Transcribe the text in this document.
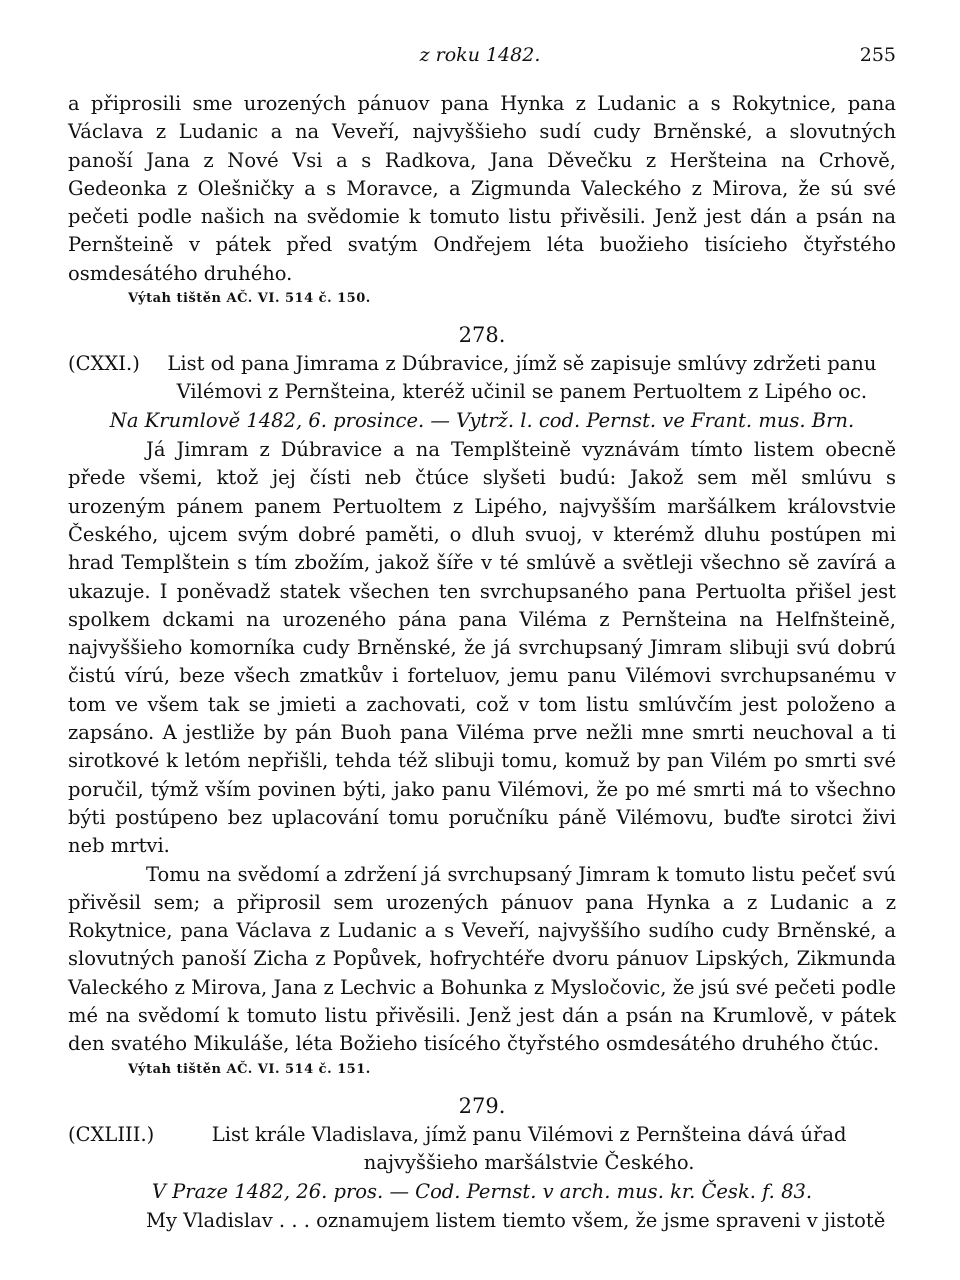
z roku 1482.	255

a připrosili sme urozených pánuov pana Hynka z Ludanic a s Rokytnice, pana Václava z Ludanic a na Veveří, najvyššieho sudí cudy Brněnské, a slovutných panoší Jana z Nové Vsi a s Radkova, Jana Děvečku z Heršteina na Crhově, Gedeonka z Olešničky a s Moravce, a Zigmunda Valeckého z Mirova, že sú své pečeti podle našich na svědomie k tomuto listu přivěsili. Jenž jest dán a psán na Pernšteině v pátek před svatým Ondřejem léta buožieho tisícieho čtyřstého osmdesátého druhého.

Výtah tištěn AČ. VI. 514 č. 150.
278.
(CXXI.)	List od pana Jimrama z Dúbravice, jímž sě zapisuje smlúvy zdržeti panu Vilémovi z Pernšteina, kteréž učinil se panem Pertuoltem z Lipého oc.
Na Krumlově 1482, 6. prosince. — Vytrž. l. cod. Pernst. ve Frant. mus. Brn.

Já Jimram z Dúbravice a na Templšteině vyznávám tímto listem obecně přede všemi, ktož jej čísti neb čtúce slyšeti budú: Jakož sem měl smlúvu s urozeným pánem panem Pertuoltem z Lipého, najvyšším maršálkem královstvie Českého, ujcem svým dobré paměti, o dluh svuoj, v kterémž dluhu postúpen mi hrad Templštein s tím zbožím, jakož šíře v té smlúvě a světleji všechno sě zavírá a ukazuje. I poněvadž statek všechen ten svrchupsaného pana Pertuolta přišel jest spolkem dckami na urozeného pána pana Viléma z Pernšteina na Helfnšteině, najvyššieho komorníka cudy Brněnské, že já svrchupsaný Jimram slibuji svú dobrú čistú vírú, beze všech zmatkův i forteluov, jemu panu Vilémovi svrchupsanému v tom ve všem tak se jmieti a zachovati, což v tom listu smlúvčím jest položeno a zapsáno. A jestliže by pán Buoh pana Viléma prve nežli mne smrti neuchoval a ti sirotkové k letóm nepřišli, tehda též slibuji tomu, komuž by pan Vilém po smrti své poručil, týmž vším povinen býti, jako panu Vilémovi, že po mé smrti má to všechno býti postúpeno bez uplacování tomu poručníku páně Vilémovu, buďte sirotci živi neb mrtvi.

Tomu na svědomí a zdržení já svrchupsaný Jimram k tomuto listu pečeť svú přivěsil sem; a připrosil sem urozených pánuov pana Hynka a z Ludanic a z Rokytnice, pana Václava z Ludanic a s Veveří, najvyššího sudího cudy Brněnské, a slovutných panoší Zicha z Popůvek, hofrychtéře dvoru pánuov Lipských, Zikmunda Valeckého z Mirova, Jana z Lechvic a Bohunka z Mysločovic, že jsú své pečeti podle mé na svědomí k tomuto listu přivěsili. Jenž jest dán a psán na Krumlově, v pátek den svatého Mikuláše, léta Božieho tisícého čtyřstého osmdesátého druhého čtúc.

Výtah tištěn AČ. VI. 514 č. 151.
279.
(CXLIII.)	List krále Vladislava, jímž panu Vilémovi z Pernšteina dává úřad najvyššieho maršálstvie Českého.
V Praze 1482, 26. pros. — Cod. Pernst. v arch. mus. kr. Česk. f. 83.

My Vladislav . . . oznamujem listem tiemto všem, že jsme spraveni v jistotě
